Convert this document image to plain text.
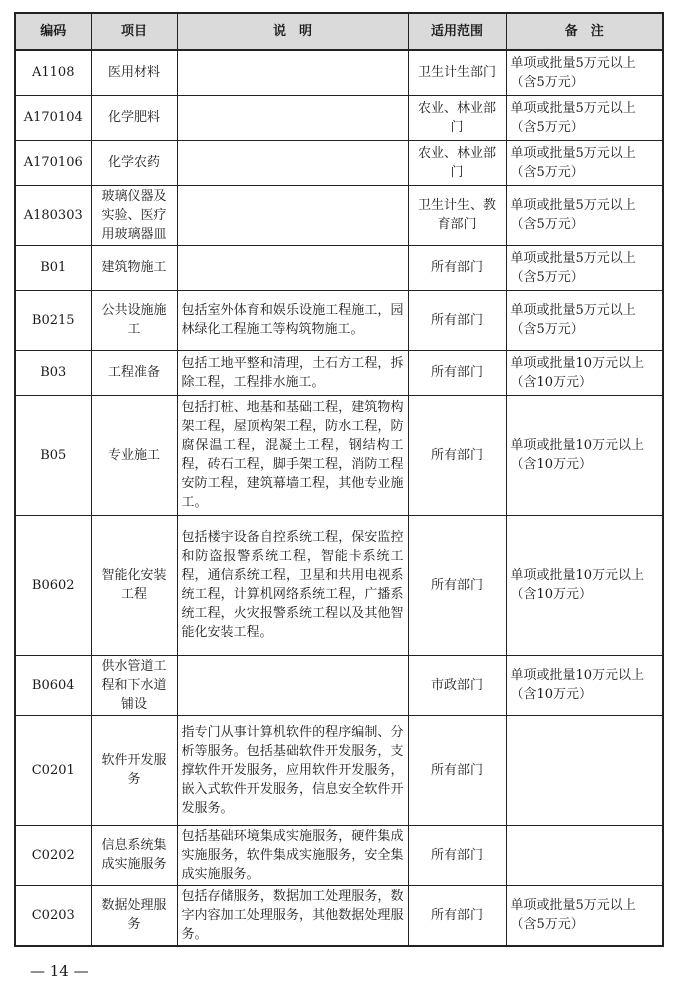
编码	项目	说　明	适用范围	备　注
A1108	医用材料		卫生计生部门	单项或批量5万元以上（含5万元）
A170104	化学肥料		农业、林业部门	单项或批量5万元以上（含5万元）
A170106	化学农药		农业、林业部门	单项或批量5万元以上（含5万元）
A180303	玻璃仪器及实验、医疗用玻璃器皿		卫生计生、教育部门	单项或批量5万元以上（含5万元）
B01	建筑物施工		所有部门	单项或批量5万元以上（含5万元）
B0215	公共设施施工	包括室外体育和娱乐设施工程施工，园林绿化工程施工等构筑物施工。	所有部门	单项或批量5万元以上（含5万元）
B03	工程准备	包括工地平整和清理，土石方工程，拆除工程，工程排水施工。	所有部门	单项或批量10万元以上（含10万元）
B05	专业施工	包括打桩、地基和基础工程，建筑物构架工程，屋顶构架工程，防水工程，防腐保温工程，混凝土工程，钢结构工程，砖石工程，脚手架工程，消防工程安防工程，建筑幕墙工程，其他专业施工。	所有部门	单项或批量10万元以上（含10万元）
B0602	智能化安装工程	包括楼宇设备自控系统工程，保安监控和防盗报警系统工程，智能卡系统工程，通信系统工程，卫星和共用电视系统工程，计算机网络系统工程，广播系统工程，火灾报警系统工程以及其他智能化安装工程。	所有部门	单项或批量10万元以上（含10万元）
B0604	供水管道工程和下水道铺设		市政部门	单项或批量10万元以上（含10万元）
C0201	软件开发服务	指专门从事计算机软件的程序编制、分析等服务。包括基础软件开发服务，支撑软件开发服务，应用软件开发服务，嵌入式软件开发服务，信息安全软件开发服务。	所有部门	
C0202	信息系统集成实施服务	包括基础环境集成实施服务，硬件集成实施服务，软件集成实施服务，安全集成实施服务。	所有部门	
C0203	数据处理服务	包括存储服务，数据加工处理服务，数字内容加工处理服务，其他数据处理服务。	所有部门	单项或批量5万元以上（含5万元）
— 14 —
